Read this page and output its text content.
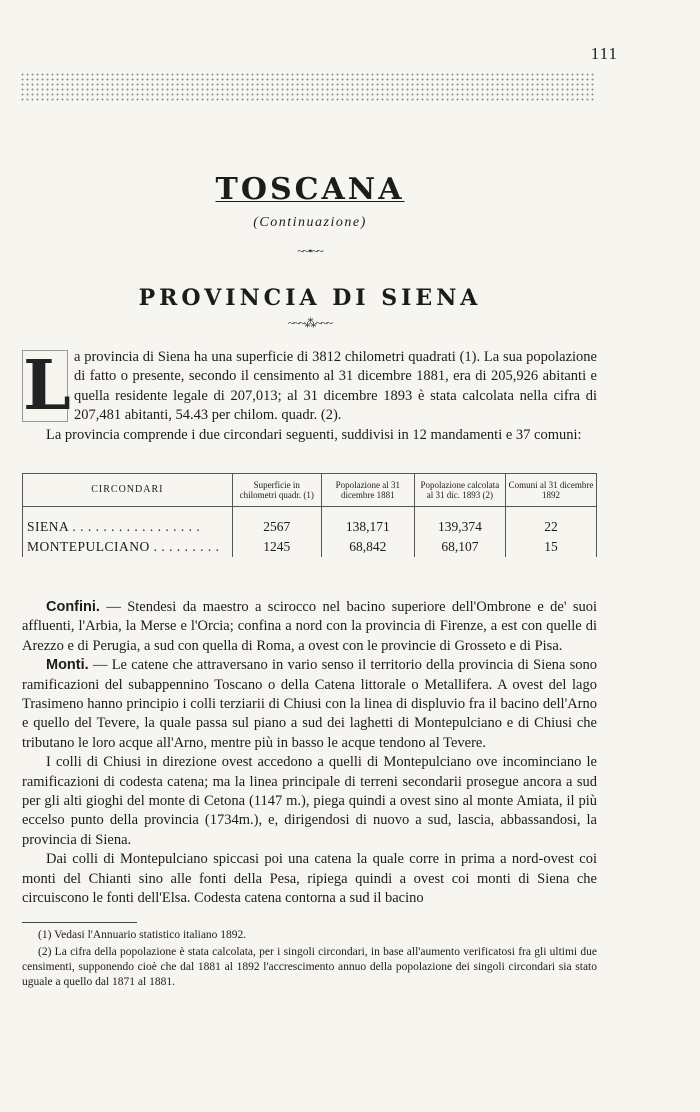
111
TOSCANA
(Continuazione)
~~•~~
PROVINCIA DI SIENA
~~~⁂~~~

L a provincia di Siena ha una superficie di 3812 chilometri quadrati (1). La sua popolazione di fatto o presente, secondo il censimento al 31 dicembre 1881, era di 205,926 abitanti e quella residente legale di 207,013; al 31 dicembre 1893 è stata calcolata nella cifra di 207,481 abitanti, 54.43 per chilom. quadr. (2).

La provincia comprende i due circondari seguenti, suddivisi in 12 mandamenti e 37 comuni:

CIRCONDARI	Superficie in chilometri quadr. (1)	Popolazione al 31 dicembre 1881	Popolazione calcolata al 31 dic. 1893 (2)	Comuni al 31 dicembre 1892

SIENA . . . . . . . . . . . . . . . . .	2567	138,171	139,374	22
MONTEPULCIANO . . . . . . . . .	1245	68,842	68,107	15

Confini. — Stendesi da maestro a scirocco nel bacino superiore dell'Ombrone e de' suoi affluenti, l'Arbia, la Merse e l'Orcia; confina a nord con la provincia di Firenze, a est con quelle di Arezzo e di Perugia, a sud con quella di Roma, a ovest con le provincie di Grosseto e di Pisa.

Monti. — Le catene che attraversano in vario senso il territorio della provincia di Siena sono ramificazioni del subappennino Toscano o della Catena littorale o Metallifera. A ovest del lago Trasimeno hanno principio i colli terziarii di Chiusi con la linea di displuvio fra il bacino dell'Arno e quello del Tevere, la quale passa sul piano a sud dei laghetti di Montepulciano e di Chiusi che tributano le loro acque all'Arno, mentre più in basso le acque tendono al Tevere.

I colli di Chiusi in direzione ovest accedono a quelli di Montepulciano ove incominciano le ramificazioni di codesta catena; ma la linea principale di terreni secondarii prosegue ancora a sud per gli alti gioghi del monte di Cetona (1147 m.), piega quindi a ovest sino al monte Amiata, il più eccelso punto della provincia (1734m.), e, dirigendosi di nuovo a sud, lascia, abbassandosi, la provincia di Siena.

Dai colli di Montepulciano spiccasi poi una catena la quale corre in prima a nord-ovest coi monti del Chianti sino alle fonti della Pesa, ripiega quindi a ovest coi monti di Siena che circuiscono le fonti dell'Elsa. Codesta catena contorna a sud il bacino

(1) Vedasi l'Annuario statistico italiano 1892.

(2) La cifra della popolazione è stata calcolata, per i singoli circondari, in base all'aumento verificatosi fra gli ultimi due censimenti, supponendo cioè che dal 1881 al 1892 l'accrescimento annuo della popolazione dei singoli circondari sia stato uguale a quello dal 1871 al 1881.
